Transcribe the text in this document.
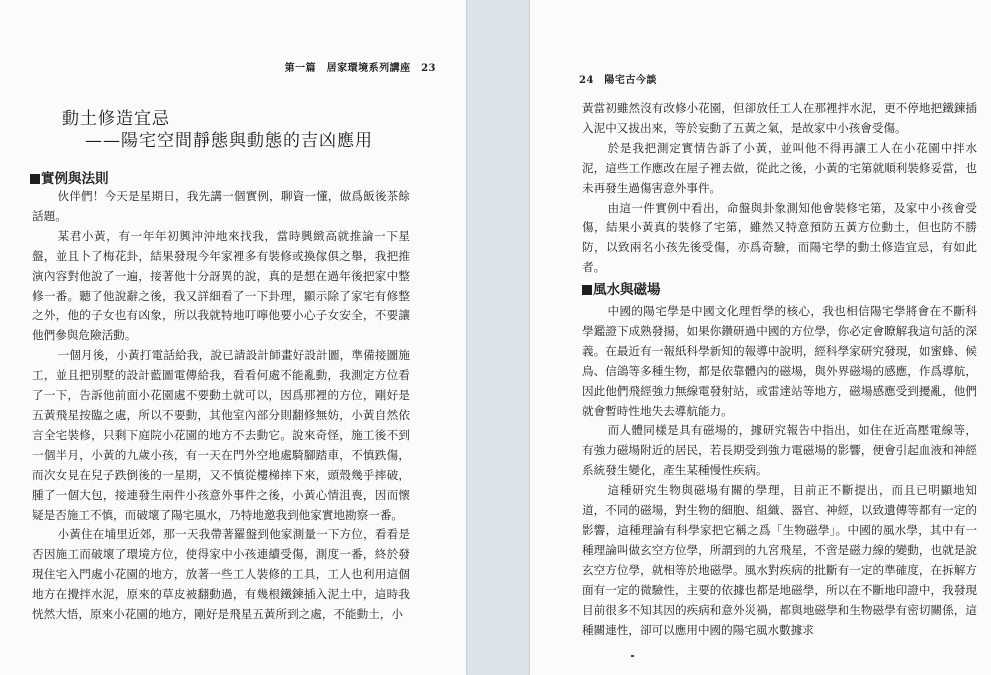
第一篇　居家環境系列講座　23
動土修造宜忌
——陽宅空間靜態與動態的吉凶應用
實例與法則

伙伴們！今天是星期日，我先講一個實例，聊資一懂，做爲飯後茶餘話題。

某君小黃，有一年年初興沖沖地來找我，當時興緻高就推論一下星盤，並且卜了梅花卦，結果發現今年家裡多有裝修或換傢俱之舉，我把推演內容對他說了一遍，接著他十分訝異的說，真的是想在過年後把家中整修一番。聽了他說辭之後，我又詳細看了一下卦理，顯示除了家宅有修整之外，他的子女也有凶象，所以我就特地叮嚀他要小心子女安全，不要讓他們參與危險活動。

一個月後，小黃打電話給我，說已請設計師畫好設計圖，準備接圖施工，並且把別墅的設計藍圖電傳給我，看看何處不能亂動，我測定方位看了一下，告訴他前面小花園處不要動土就可以，因爲那裡的方位，剛好是五黃飛星按臨之處，所以不要動，其他室內部分則翻修無妨，小黃自然依言全宅裝修，只剩下庭院小花園的地方不去動它。說來奇怪，施工後不到一個半月，小黃的九歲小孩，有一天在門外空地處騎腳踏車，不慎跌傷，而次女見在兒子跌倒後的一星期，又不慎從樓梯摔下來，頭殼幾乎摔破，腫了一個大包，接連發生兩件小孩意外事件之後，小黃心情沮喪，因而懷疑是否施工不慎，而破壞了陽宅風水，乃特地邀我到他家實地勘察一番。

小黃住在埔里近郊，那一天我帶著羅盤到他家測量一下方位，看看是否因施工而破壞了環境方位，使得家中小孩連續受傷，測度一番，終於發現住宅入門處小花園的地方，放著一些工人裝修的工具，工人也利用這個地方在攪拌水泥，原來的草皮被翻動過，有幾根鐵鍊插入泥土中，這時我恍然大悟，原來小花園的地方，剛好是飛星五黃所到之處，不能動土，小

24　陽宅古今談

黃當初雖然沒有改修小花園，但卻放任工人在那裡拌水泥，更不停地把鐵鍊插入泥中又拔出來，等於妄動了五黃之氣，是故家中小孩會受傷。

於是我把測定實情告訴了小黃，並叫他不得再讓工人在小花園中拌水泥，這些工作應改在屋子裡去做，從此之後，小黃的宅第就順利裝修妥當，也未再發生過傷害意外事件。

由這一件實例中看出，命盤與卦象測知他會裝修宅第，及家中小孩會受傷，結果小黃真的裝修了宅第，雖然又特意預防五黃方位動土，但也防不勝防，以致兩名小孩先後受傷，亦爲奇驗，而陽宅學的動土修造宜忌，有如此者。

風水與磁場

中國的陽宅學是中國文化理哲學的核心，我也相信陽宅學將會在不斷科學鑑證下成熟發揚，如果你鑽研過中國的方位學，你必定會瞭解我這句話的深義。在最近有一報紙科學新知的報導中說明，經科學家研究發現，如蜜蜂、候鳥、信鴿等多種生物，都是依靠體內的磁場，與外界磁場的感應，作爲導航，因此他們飛經強力無線電發射站，或雷達站等地方，磁場感應受到擾亂，他們就會暫時性地失去導航能力。

而人體同樣是具有磁場的，據研究報告中指出，如住在近高壓電線等，有強力磁場附近的居民，若長期受到強力電磁場的影響，便會引起血液和神經系統發生變化，產生某種慢性疾病。

這種研究生物與磁場有關的學理，目前正不斷提出，而且已明顯地知道，不同的磁場，對生物的細胞、組織、器官、神經，以致遺傳等都有一定的影響，這種理論有科學家把它稱之爲「生物磁學」。中國的風水學，其中有一種理論叫做玄空方位學，所謂到的九宮飛星，不啻是磁力線的變動，也就是說玄空方位學，就相等於地磁學。風水對疾病的批斷有一定的準確度，在拆解方面有一定的微驗性，主要的依據也都是地磁學，所以在不斷地印證中，我發現目前很多不知其因的疾病和意外災禍，都與地磁學和生物磁學有密切關係，這種關連性，卻可以應用中國的陽宅風水數據求
